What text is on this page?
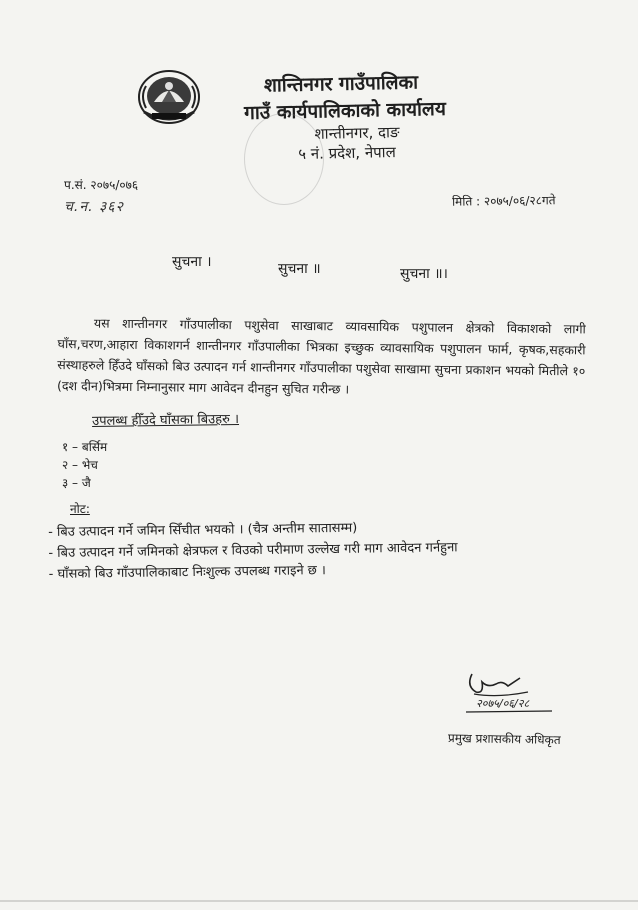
शान्तिनगर गाउँपालिका
गाउँ कार्यपालिकाको कार्यालय
शान्तीनगर, दाङ
५ नं. प्रदेश, नेपाल
प.सं. २०७५/०७६
च.न. ३६२	मिति : २०७५/०६/२८गते
सुचना ।	सुचना ॥	सुचना ॥।
यस शान्तीनगर गाँउपालीका पशुसेवा साखाबाट व्यावसायिक पशुपालन क्षेत्रको विकाशको लागी घाँस,चरण,आहारा विकाशगर्न शान्तीनगर गाँउपालीका भित्रका इच्छुक व्यावसायिक पशुपालन फार्म, कृषक,सहकारी संस्थाहरुले हिँउदे घाँसको बिउ उत्पादन गर्न शान्तीनगर गाँउपालीका पशुसेवा साखामा सुचना प्रकाशन भयको मितीले १० (दश दीन)भित्रमा निम्नानुसार माग आवेदन दीनहुन सुचित गरीन्छ ।
उपलब्ध हीँउदे घाँसका बिउहरु ।
१ – बर्सिम
२ – भेच
३ – जै
नोट:
- बिउ उत्पादन गर्ने जमिन सिँचीत भयको । (चैत्र अन्तीम सातासम्म)
- बिउ उत्पादन गर्ने जमिनको क्षेत्रफल र विउको परीमाण उल्लेख गरी माग आवेदन गर्नहुना
- घाँसको बिउ गाँउपालिकाबाट निःशुल्क उपलब्ध गराइने छ ।
२०७५/०६/२८
प्रमुख प्रशासकीय अधिकृत
